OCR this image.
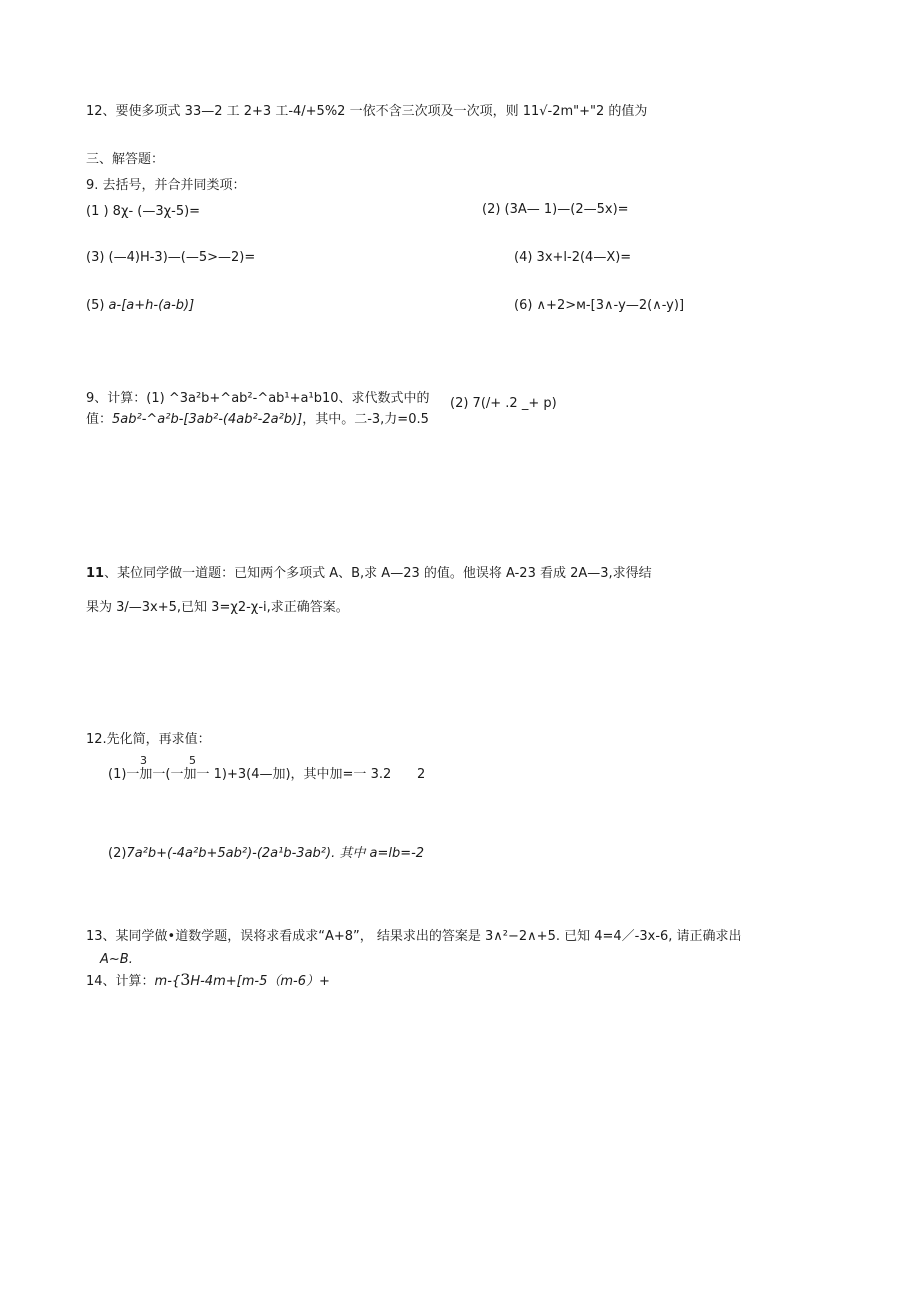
12、要使多项式 33—2 工 2+3 工-4/+5%2 一依不含三次项及一次项，则 11√-2m"+"2 的值为
三、解答题：
9. 去括号，并合并同类项：
(1 ) 8χ- (—3χ-5)=	(2) (3A— 1)—(2—5x)=
(3) (—4)H-3)—(—5>—2)=	(4) 3x+l-2(4—X)=
(5) a-[a+h-(a-b)]	(6) ∧+2>м-[3∧-y—2(∧-y)]
9、计算：(1) ^3a²b+^ab²-^ab¹+a¹b10、求代数式中的 (2) 7(/+ .2 _+ p)
值：5ab²-^a²b-[3ab²-(4ab²-2a²b)]，其中。二-3,力=0.5
11、某位同学做一道题：已知两个多项式 A、B,求 A—23 的值。他误将 A-23 看成 2A—3,求得结
果为 3/—3x+5,已知 3=χ2-χ-i,求正确答案。
12.先化简，再求值：
3	5
(1)一加一(一加一 1)+3(4—加)，其中加=一 3.2 2
(2)7a²b+(-4a²b+5ab²)-(2a¹b-3ab²). 其中 a=lb=-2
13、某同学做•道数学题，误将求看成求“A+8”， 结果求出的答案是 3∧²−2∧+5. 已知 4=4／-3x-6, 请正确求出
A~B.
14、计算：m-{3H-4m+[m-5（m-6）+
